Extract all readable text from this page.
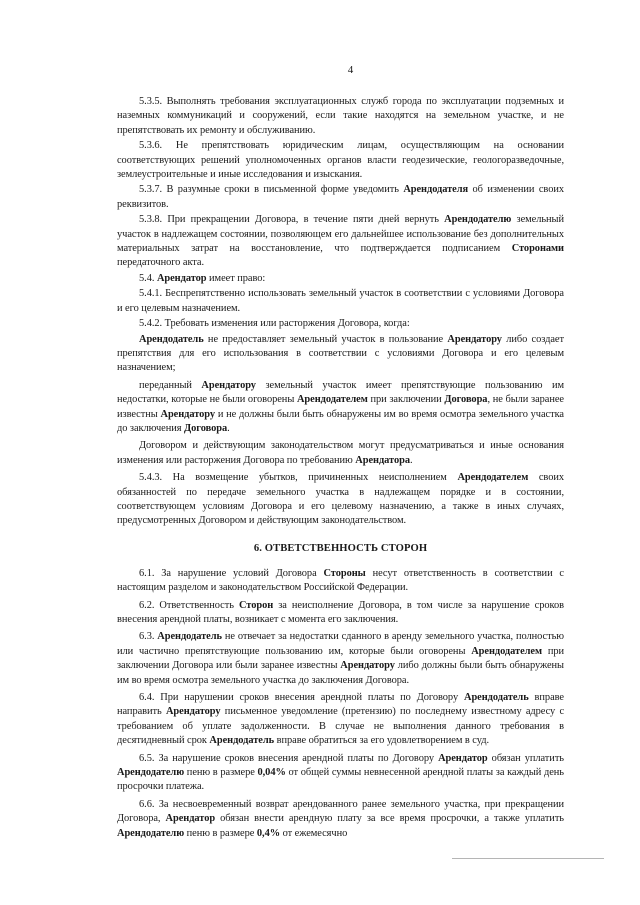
4

5.3.5. Выполнять требования эксплуатационных служб города по эксплуатации подземных и наземных коммуникаций и сооружений, если такие находятся на земельном участке, и не препятствовать их ремонту и обслуживанию.

5.3.6. Не препятствовать юридическим лицам, осуществляющим на основании соответствующих решений уполномоченных органов власти геодезические, геологоразведочные, землеустроительные и иные исследования и изыскания.

5.3.7. В разумные сроки в письменной форме уведомить Арендодателя об изменении своих реквизитов.

5.3.8. При прекращении Договора, в течение пяти дней вернуть Арендодателю земельный участок в надлежащем состоянии, позволяющем его дальнейшее использование без дополнительных материальных затрат на восстановление, что подтверждается подписанием Сторонами передаточного акта.

5.4. Арендатор имеет право:

5.4.1. Беспрепятственно использовать земельный участок в соответствии с условиями Договора и его целевым назначением.

5.4.2. Требовать изменения или расторжения Договора, когда:

Арендодатель не предоставляет земельный участок в пользование Арендатору либо создает препятствия для его использования в соответствии с условиями Договора и его целевым назначением;

переданный Арендатору земельный участок имеет препятствующие пользованию им недостатки, которые не были оговорены Арендодателем при заключении Договора, не были заранее известны Арендатору и не должны были быть обнаружены им во время осмотра земельного участка до заключения Договора.

Договором и действующим законодательством могут предусматриваться и иные основания изменения или расторжения Договора по требованию Арендатора.

5.4.3. На возмещение убытков, причиненных неисполнением Арендодателем своих обязанностей по передаче земельного участка в надлежащем порядке и в состоянии, соответствующем условиям Договора и его целевому назначению, а также в иных случаях, предусмотренных Договором и действующим законодательством.

6. ОТВЕТСТВЕННОСТЬ СТОРОН

6.1. За нарушение условий Договора Стороны несут ответственность в соответствии с настоящим разделом и законодательством Российской Федерации.

6.2. Ответственность Сторон за неисполнение Договора, в том числе за нарушение сроков внесения арендной платы, возникает с момента его заключения.

6.3. Арендодатель не отвечает за недостатки сданного в аренду земельного участка, полностью или частично препятствующие пользованию им, которые были оговорены Арендодателем при заключении Договора или были заранее известны Арендатору либо должны были быть обнаружены им во время осмотра земельного участка до заключения Договора.

6.4. При нарушении сроков внесения арендной платы по Договору Арендодатель вправе направить Арендатору письменное уведомление (претензию) по последнему известному адресу с требованием об уплате задолженности. В случае не выполнения данного требования в десятидневный срок Арендодатель вправе обратиться за его удовлетворением в суд.

6.5. За нарушение сроков внесения арендной платы по Договору Арендатор обязан уплатить Арендодателю пеню в размере 0,04% от общей суммы невнесенной арендной платы за каждый день просрочки платежа.

6.6. За несвоевременный возврат арендованного ранее земельного участка, при прекращении Договора, Арендатор обязан внести арендную плату за все время просрочки, а также уплатить Арендодателю пеню в размере 0,4% от ежемесячно
